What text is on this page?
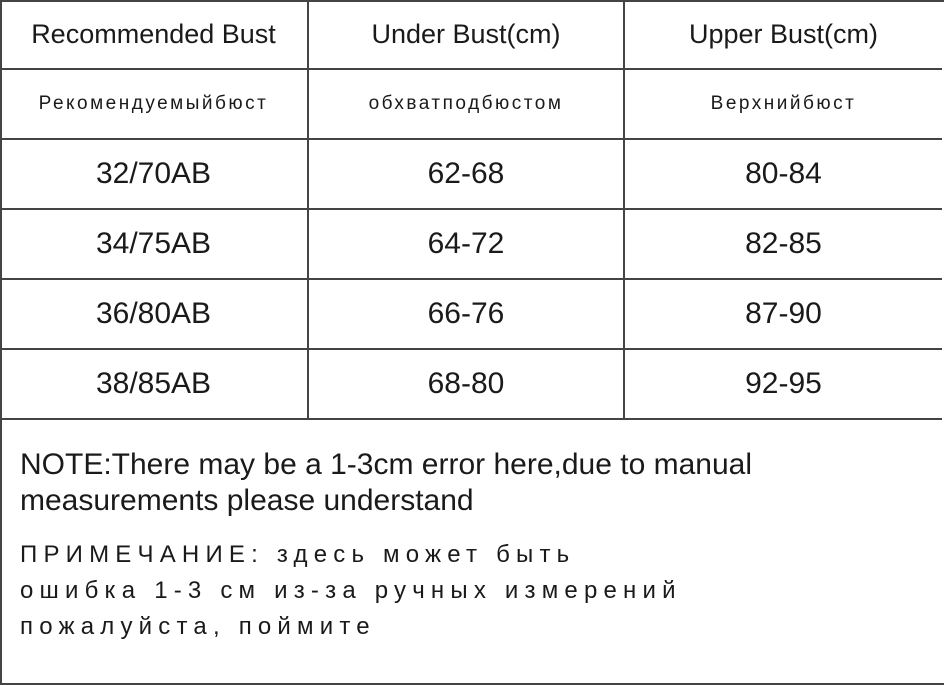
Recommended Bust	Under Bust(cm)	Upper Bust(cm)
Рекомендуемыйбюст	обхватподбюстом	Верхнийбюст
32/70AB	62-68	80-84
34/75AB	64-72	82-85
36/80AB	66-76	87-90
38/85AB	68-80	92-95

NOTE:There may be a 1-3cm error here,due to manual
measurements please understand

ПРИМЕЧАНИЕ: здесь может быть
ошибка 1-3 см из-за ручных измерений
пожалуйста, поймите
